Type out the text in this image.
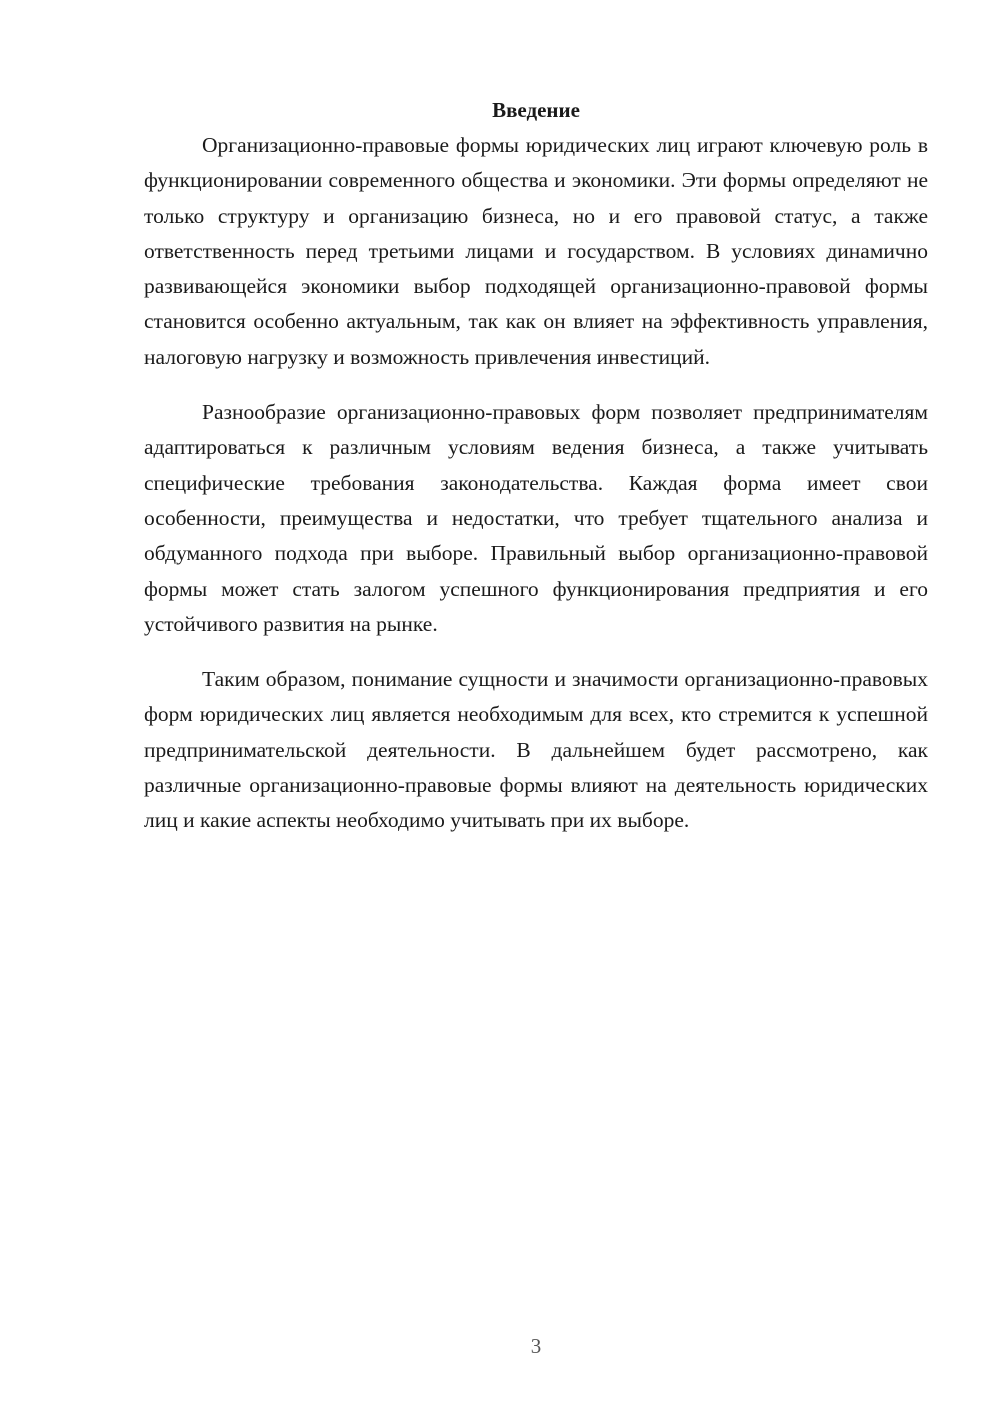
Введение

Организационно-правовые формы юридических лиц играют ключевую роль в функционировании современного общества и экономики. Эти формы определяют не только структуру и организацию бизнеса, но и его правовой статус, а также ответственность перед третьими лицами и государством. В условиях динамично развивающейся экономики выбор подходящей организационно-правовой формы становится особенно актуальным, так как он влияет на эффективность управления, налоговую нагрузку и возможность привлечения инвестиций.

Разнообразие организационно-правовых форм позволяет предпринимателям адаптироваться к различным условиям ведения бизнеса, а также учитывать специфические требования законодательства. Каждая форма имеет свои особенности, преимущества и недостатки, что требует тщательного анализа и обдуманного подхода при выборе. Правильный выбор организационно-правовой формы может стать залогом успешного функционирования предприятия и его устойчивого развития на рынке.

Таким образом, понимание сущности и значимости организационно-правовых форм юридических лиц является необходимым для всех, кто стремится к успешной предпринимательской деятельности. В дальнейшем будет рассмотрено, как различные организационно-правовые формы влияют на деятельность юридических лиц и какие аспекты необходимо учитывать при их выборе.

3
